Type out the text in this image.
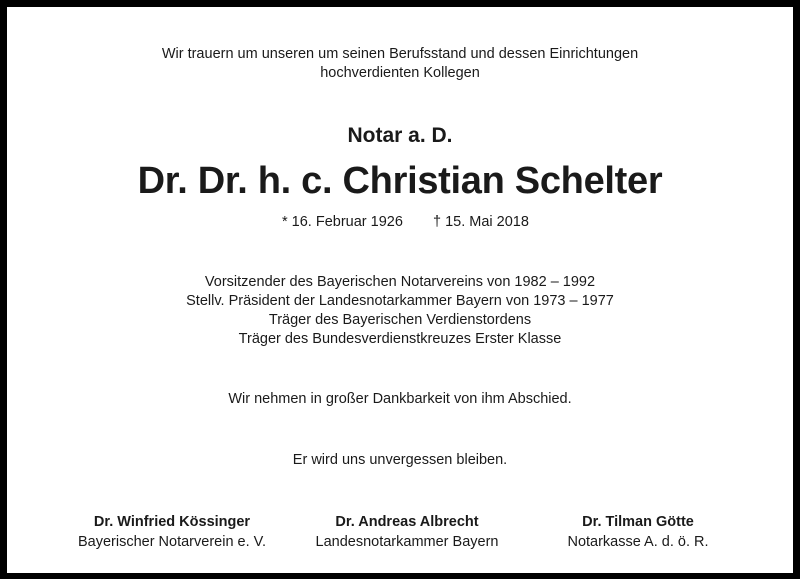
Wir trauern um unseren um seinen Berufsstand und dessen Einrichtungen
hochverdienten Kollegen
Notar a. D.
Dr. Dr. h. c. Christian Schelter
* 16. Februar 1926 † 15. Mai 2018
Vorsitzender des Bayerischen Notarvereins von 1982 – 1992
Stellv. Präsident der Landesnotarkammer Bayern von 1973 – 1977
Träger des Bayerischen Verdienstordens
Träger des Bundesverdienstkreuzes Erster Klasse
Wir nehmen in großer Dankbarkeit von ihm Abschied.
Er wird uns unvergessen bleiben.
Dr. Winfried Kössinger
Bayerischer Notarverein e. V.
Dr. Andreas Albrecht
Landesnotarkammer Bayern
Dr. Tilman Götte
Notarkasse A. d. ö. R.
